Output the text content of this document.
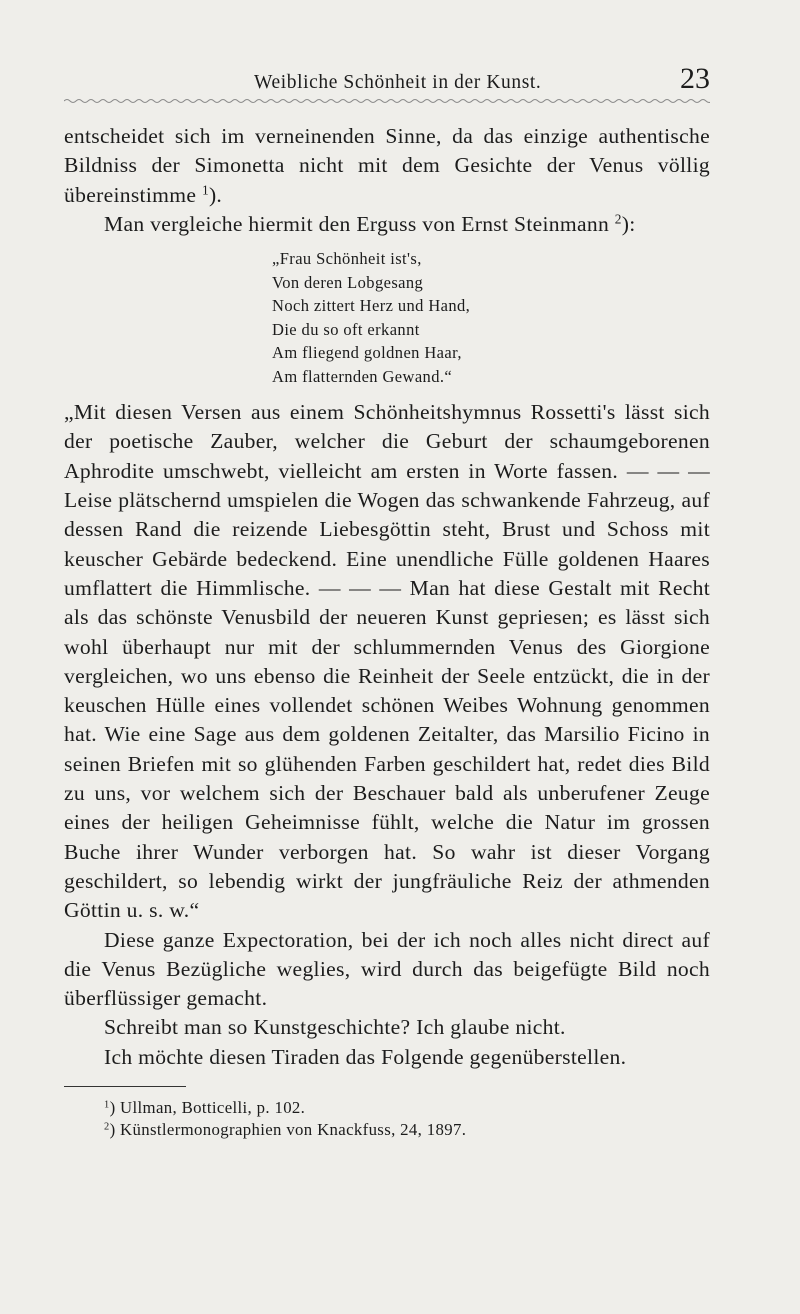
Weibliche Schönheit in der Kunst.	23

entscheidet sich im verneinenden Sinne, da das einzige authentische Bildniss der Simonetta nicht mit dem Gesichte der Venus völlig übereinstimme $^1$).

Man vergleiche hiermit den Erguss von Ernst Steinmann $^2$):

„Frau Schönheit ist's,
Von deren Lobgesang
Noch zittert Herz und Hand,
Die du so oft erkannt
Am fliegend goldnen Haar,
Am flatternden Gewand.“

„Mit diesen Versen aus einem Schönheitshymnus Rossetti's lässt sich der poetische Zauber, welcher die Geburt der schaumgeborenen Aphrodite umschwebt, vielleicht am ersten in Worte fassen. — — — Leise plätschernd umspielen die Wogen das schwankende Fahrzeug, auf dessen Rand die reizende Liebesgöttin steht, Brust und Schoss mit keuscher Gebärde bedeckend. Eine unendliche Fülle goldenen Haares umflattert die Himmlische. — — — Man hat diese Gestalt mit Recht als das schönste Venusbild der neueren Kunst gepriesen; es lässt sich wohl überhaupt nur mit der schlummernden Venus des Giorgione vergleichen, wo uns ebenso die Reinheit der Seele entzückt, die in der keuschen Hülle eines vollendet schönen Weibes Wohnung genommen hat. Wie eine Sage aus dem goldenen Zeitalter, das Marsilio Ficino in seinen Briefen mit so glühenden Farben geschildert hat, redet dies Bild zu uns, vor welchem sich der Beschauer bald als unberufener Zeuge eines der heiligen Geheimnisse fühlt, welche die Natur im grossen Buche ihrer Wunder verborgen hat. So wahr ist dieser Vorgang geschildert, so lebendig wirkt der jungfräuliche Reiz der athmenden Göttin u. s. w.“

Diese ganze Expectoration, bei der ich noch alles nicht direct auf die Venus Bezügliche weglies, wird durch das beigefügte Bild noch überflüssiger gemacht.

Schreibt man so Kunstgeschichte? Ich glaube nicht.

Ich möchte diesen Tiraden das Folgende gegenüberstellen.

$^1$) Ullman, Botticelli, p. 102.
$^2$) Künstlermonographien von Knackfuss, 24, 1897.
